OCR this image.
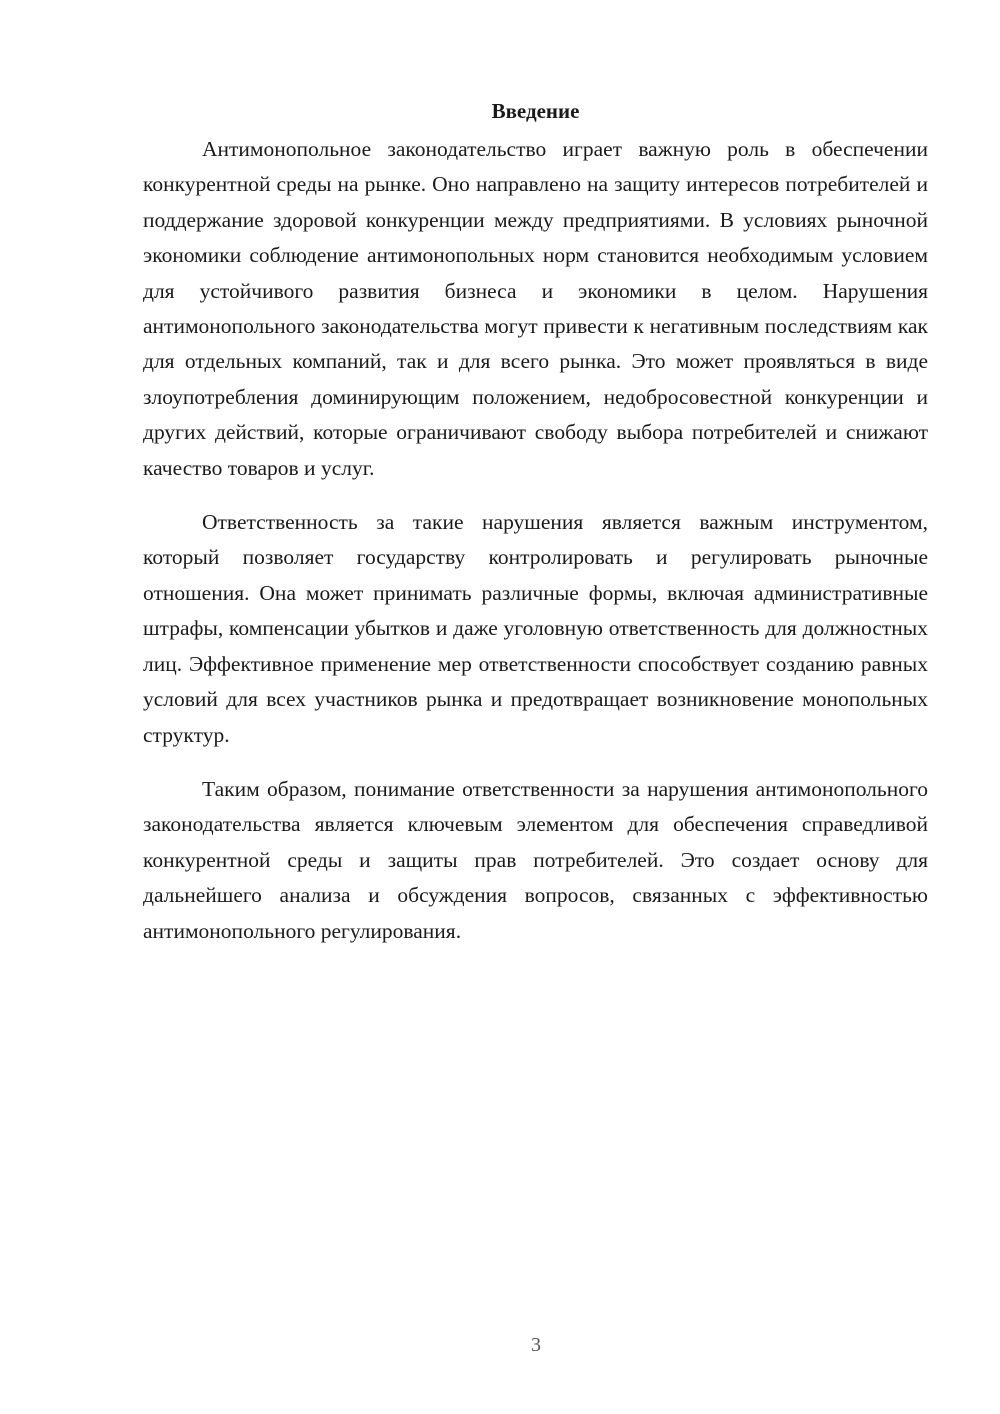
Введение

Антимонопольное законодательство играет важную роль в обеспечении конкурентной среды на рынке. Оно направлено на защиту интересов потребителей и поддержание здоровой конкуренции между предприятиями. В условиях рыночной экономики соблюдение антимонопольных норм становится необходимым условием для устойчивого развития бизнеса и экономики в целом. Нарушения антимонопольного законодательства могут привести к негативным последствиям как для отдельных компаний, так и для всего рынка. Это может проявляться в виде злоупотребления доминирующим положением, недобросовестной конкуренции и других действий, которые ограничивают свободу выбора потребителей и снижают качество товаров и услуг.

Ответственность за такие нарушения является важным инструментом, который позволяет государству контролировать и регулировать рыночные отношения. Она может принимать различные формы, включая административные штрафы, компенсации убытков и даже уголовную ответственность для должностных лиц. Эффективное применение мер ответственности способствует созданию равных условий для всех участников рынка и предотвращает возникновение монопольных структур.

Таким образом, понимание ответственности за нарушения антимонопольного законодательства является ключевым элементом для обеспечения справедливой конкурентной среды и защиты прав потребителей. Это создает основу для дальнейшего анализа и обсуждения вопросов, связанных с эффективностью антимонопольного регулирования.

3
